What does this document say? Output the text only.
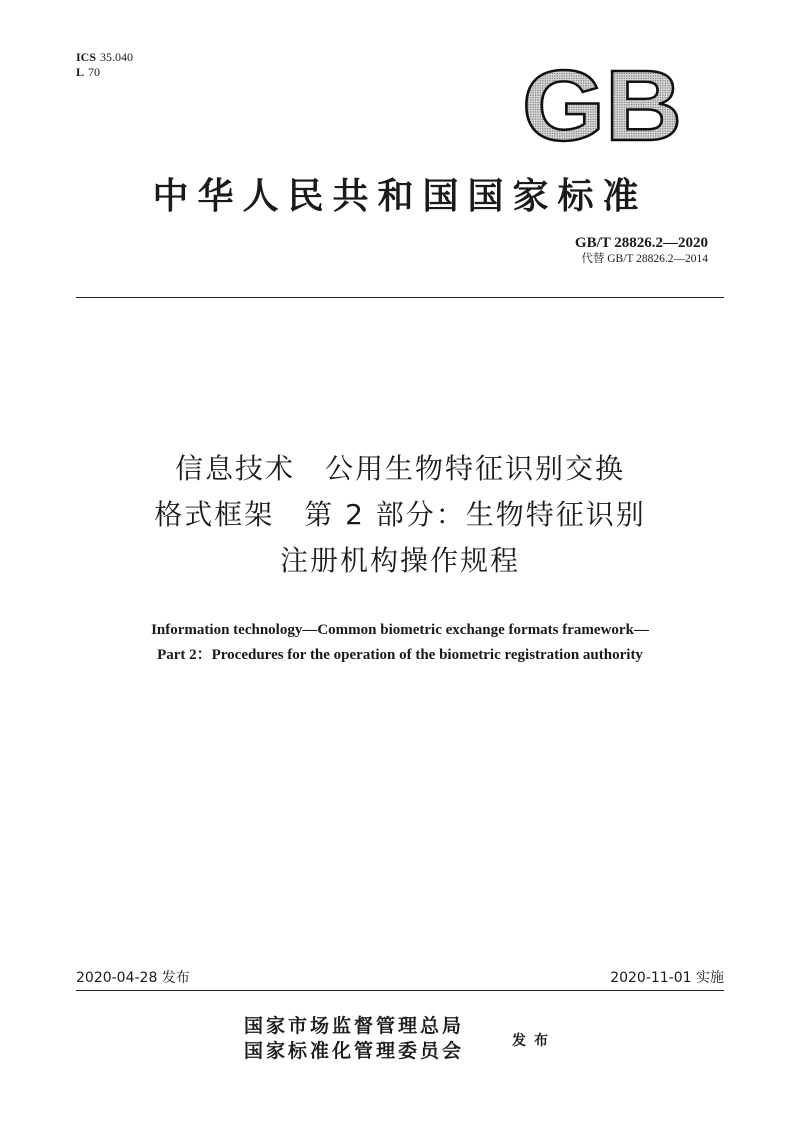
ICS 35.040
L 70	GB
中华人民共和国国家标准
GB/T 28826.2—2020
代替 GB/T 28826.2—2014
信息技术　公用生物特征识别交换
格式框架　第 2 部分：生物特征识别
注册机构操作规程
Information technology—Common biometric exchange formats framework—
Part 2：Procedures for the operation of the biometric registration authority
2020-04-28 发布	2020-11-01 实施
国家市场监督管理总局
国家标准化管理委员会	发布
